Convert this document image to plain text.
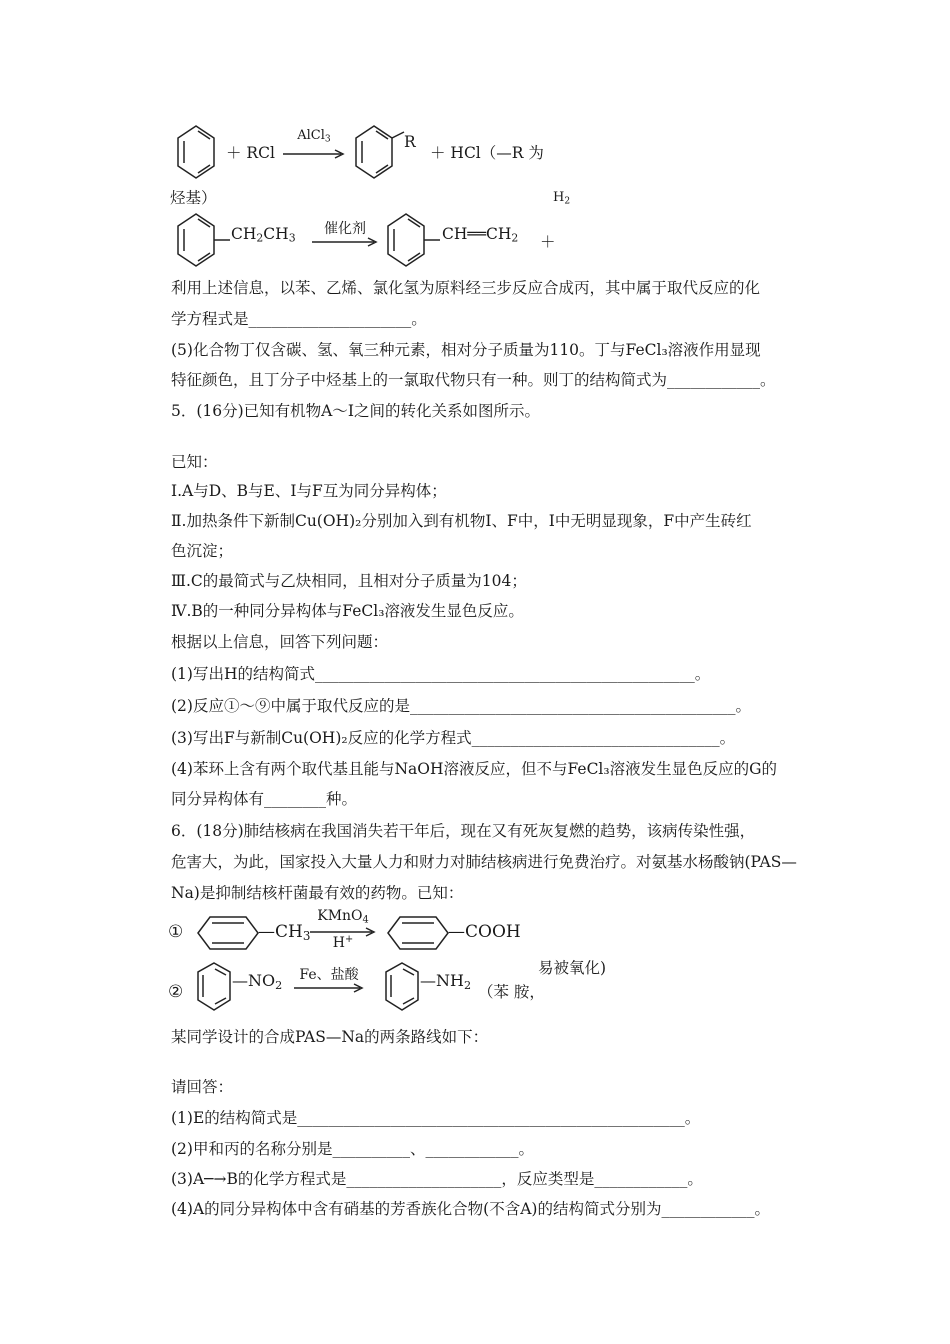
＋ RCl
AlCl$_3$	R
＋ HCl（—R 为
烃基）	$H_2$
$CH_2CH_3$
催化剂	$CH══CH_2$ ＋
利用上述信息，以苯、乙烯、氯化氢为原料经三步反应合成丙，其中属于取代反应的化
学方程式是_____________________。
(5)化合物丁仅含碳、氢、氧三种元素，相对分子质量为110。丁与FeCl₃溶液作用显现
特征颜色，且丁分子中烃基上的一氯取代物只有一种。则丁的结构简式为____________。
5．(16分)已知有机物A～I之间的转化关系如图所示。
已知：
Ⅰ.A与D、B与E、I与F互为同分异构体；
Ⅱ.加热条件下新制Cu(OH)₂分别加入到有机物I、F中，I中无明显现象，F中产生砖红
色沉淀；
Ⅲ.C的最简式与乙炔相同，且相对分子质量为104；
Ⅳ.B的一种同分异构体与FeCl₃溶液发生显色反应。
根据以上信息，回答下列问题：
(1)写出H的结构简式_________________________________________________。
(2)反应①～⑨中属于取代反应的是__________________________________________。
(3)写出F与新制Cu(OH)₂反应的化学方程式________________________________。
(4)苯环上含有两个取代基且能与NaOH溶液反应，但不与FeCl₃溶液发生显色反应的G的
同分异构体有________种。
6．(18分)肺结核病在我国消失若干年后，现在又有死灰复燃的趋势，该病传染性强，
危害大，为此，国家投入大量人力和财力对肺结核病进行免费治疗。对氨基水杨酸钠(PAS—
Na)是抑制结核杆菌最有效的药物。已知：
①	$—CH_3$
KMnO$_4$
H+	—COOH
②
$—NO_2$
Fe、盐酸	$—NH_2$ （苯 胺，
易被氧化)
某同学设计的合成PAS—Na的两条路线如下：
请回答：
(1)E的结构简式是__________________________________________________。
(2)甲和丙的名称分别是__________、____________。
(3)A─→B的化学方程式是____________________，反应类型是____________。
(4)A的同分异构体中含有硝基的芳香族化合物(不含A)的结构简式分别为____________。
